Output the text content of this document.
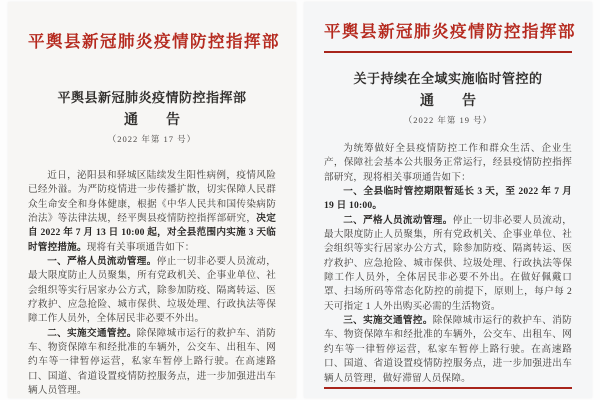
平舆县新冠肺炎疫情防控指挥部
平舆县新冠肺炎疫情防控指挥部
通　　告
（2022 年第 17 号）

近日，泌阳县和驿城区陆续发生阳性病例，疫情风险已经外溢。为严防疫情进一步传播扩散，切实保障人民群众生命安全和身体健康，根据《中华人民共和国传染病防治法》等法律法规，经平舆县疫情防控指挥部研究，决定自 2022 年 7 月 13 日 10:00 起，对全县范围内实施 3 天临时管控措施。现将有关事项通告如下：

一、严格人员流动管理。停止一切非必要人员流动，最大限度防止人员聚集，所有党政机关、企事业单位、社会组织等实行居家办公方式，除参加防疫、隔离转运、医疗救护、应急抢险、城市保供、垃圾处理、行政执法等保障工作人员外，全体居民非必要不外出。

二、实施交通管控。除保障城市运行的救护车、消防车、物资保障车和经批准的车辆外，公交车、出租车、网约车等一律暂停运营，私家车暂停上路行驶。在高速路口、国道、省道设置疫情防控服务点，进一步加强进出车辆人员管理。

平舆县新冠肺炎疫情防控指挥部
关于持续在全域实施临时管控的
通　　告
（2022 年第 19 号）

为统筹做好全县疫情防控工作和群众生活、企业生产，保障社会基本公共服务正常运行，经县疫情防控指挥部研究，现将相关事项通告如下：

一、全县临时管控期限暂延长 3 天，至 2022 年 7 月 19 日 10:00。

二、严格人员流动管理。停止一切非必要人员流动，最大限度防止人员聚集，所有党政机关、企事业单位、社会组织等实行居家办公方式，除参加防疫、隔离转运、医疗救护、应急抢险、城市保供、垃圾处理、行政执法等保障工作人员外，全体居民非必要不外出。在做好佩戴口罩、扫场所码等常态化防控的前提下，原则上，每户每 2 天可指定 1 人外出购买必需的生活物资。

三、实施交通管控。除保障城市运行的救护车、消防车、物资保障车和经批准的车辆外，公交车、出租车、网约车等一律暂停运营，私家车暂停上路行驶。在高速路口、国道、省道设置疫情防控服务点，进一步加强进出车辆人员管理，做好滞留人员保障。
